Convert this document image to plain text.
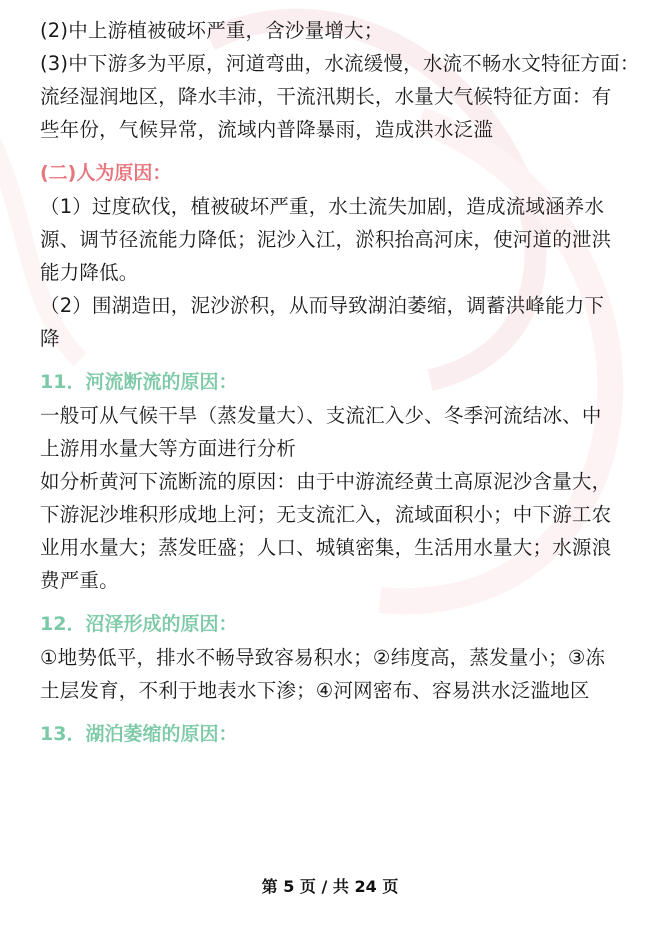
(2)中上游植被破坏严重，含沙量增大；
(3)中下游多为平原，河道弯曲，水流缓慢，水流不畅水文特征方面：
流经湿润地区，降水丰沛，干流汛期长，水量大气候特征方面：有
些年份，气候异常，流域内普降暴雨，造成洪水泛滥
(二)人为原因：
（1）过度砍伐，植被破坏严重，水土流失加剧，造成流域涵养水
源、调节径流能力降低；泥沙入江，淤积抬高河床，使河道的泄洪
能力降低。
（2）围湖造田，泥沙淤积，从而导致湖泊萎缩，调蓄洪峰能力下
降
11．河流断流的原因：
一般可从气候干旱（蒸发量大）、支流汇入少、冬季河流结冰、中
上游用水量大等方面进行分析
如分析黄河下流断流的原因：由于中游流经黄土高原泥沙含量大，
下游泥沙堆积形成地上河；无支流汇入，流域面积小；中下游工农
业用水量大；蒸发旺盛；人口、城镇密集，生活用水量大；水源浪
费严重。
12．沼泽形成的原因：
①地势低平，排水不畅导致容易积水；②纬度高，蒸发量小；③冻
土层发育，不利于地表水下渗；④河网密布、容易洪水泛滥地区
13．湖泊萎缩的原因：
第 5 页 / 共 24 页
